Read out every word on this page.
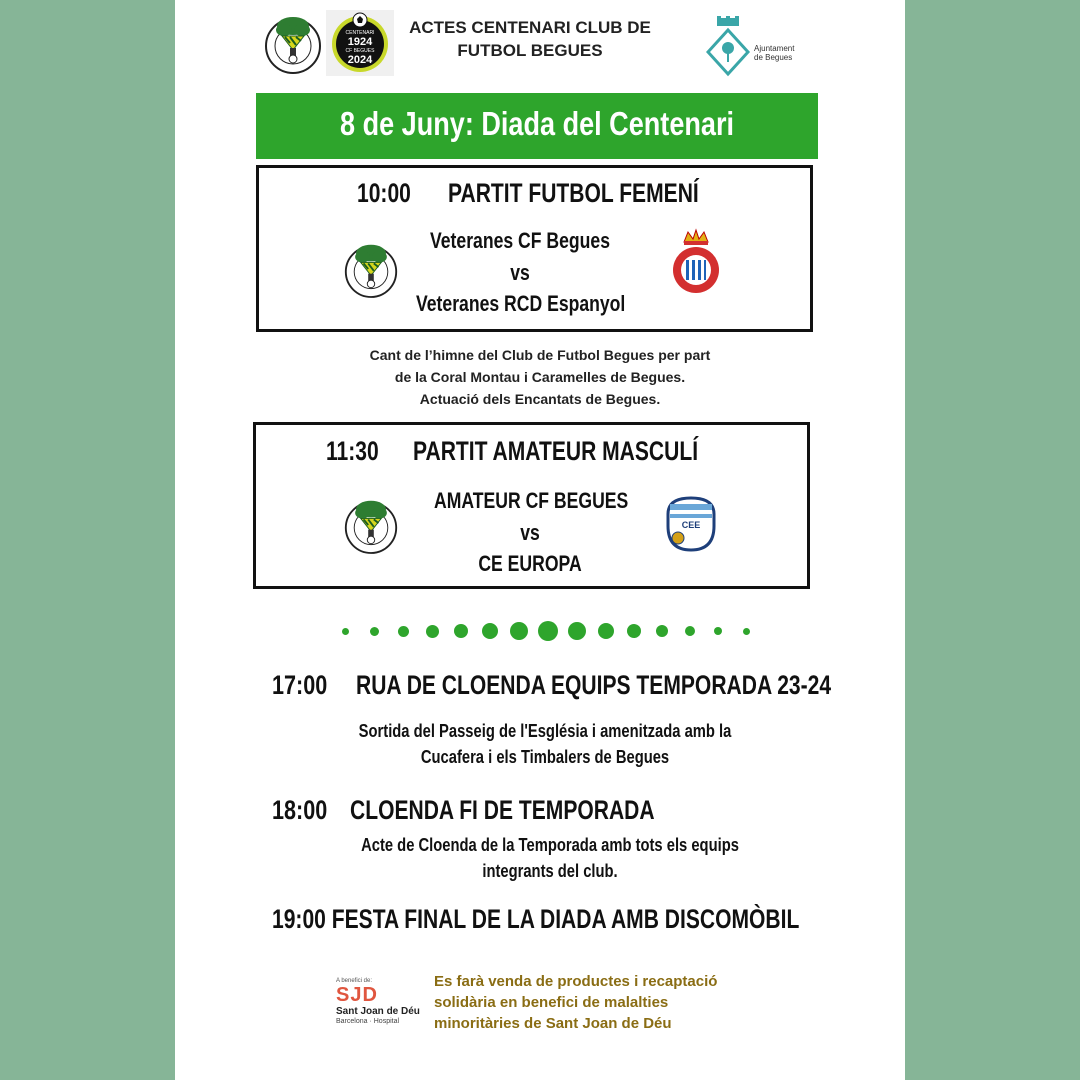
CENTENARI
1924
CF BEGUES
2024
ACTES CENTENARI CLUB DE
FUTBOL BEGUES	Ajuntament
de Begues
8 de Juny: Diada del Centenari
10:00 PARTIT FUTBOL FEMENÍ
Veteranes CF Begues
vs
Veteranes RCD Espanyol
Cant de l’himne del Club de Futbol Begues per part
de la Coral Montau i Caramelles de Begues.
Actuació dels Encantats de Begues.
11:30 PARTIT AMATEUR MASCULÍ
AMATEUR CF BEGUES
vs
CE EUROPA
CEE
17:00 RUA DE CLOENDA EQUIPS TEMPORADA 23-24
Sortida del Passeig de l'Església i amenitzada amb la
Cucafera i els Timbalers de Begues
18:00 CLOENDA FI DE TEMPORADA
Acte de Cloenda de la Temporada amb tots els equips
integrants del club.
19:00 FESTA FINAL DE LA DIADA AMB DISCOMÒBIL
A benefici de:
SJD
Sant Joan de Déu
Barcelona · Hospital
Es farà venda de productes i recaptació
solidària en benefici de malalties
minoritàries de Sant Joan de Déu
